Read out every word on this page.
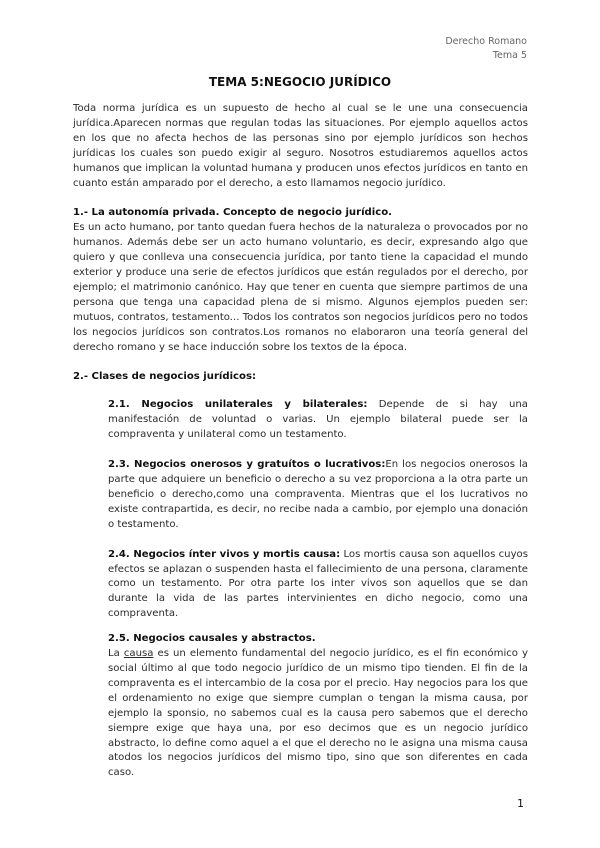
Derecho Romano
Tema 5
TEMA 5:NEGOCIO JURÍDICO

Toda norma jurídica es un supuesto de hecho al cual se le une una consecuencia jurídica.Aparecen normas que regulan todas las situaciones. Por ejemplo aquellos actos en los que no afecta hechos de las personas sino por ejemplo jurídicos son hechos jurídicas los cuales son puedo exigir al seguro. Nosotros estudiaremos aquellos actos humanos que implican la voluntad humana y producen unos efectos jurídicos en tanto en cuanto están amparado por el derecho, a esto llamamos negocio jurídico.

1.- La autonomía privada. Concepto de negocio jurídico.

Es un acto humano, por tanto quedan fuera hechos de la naturaleza o provocados por no humanos. Además debe ser un acto humano voluntario, es decir, expresando algo que quiero y que conlleva una consecuencia jurídica, por tanto tiene la capacidad el mundo exterior y produce una serie de efectos jurídicos que están regulados por el derecho, por ejemplo; el matrimonio canónico. Hay que tener en cuenta que siempre partimos de una persona que tenga una capacidad plena de si mismo. Algunos ejemplos pueden ser: mutuos, contratos, testamento... Todos los contratos son negocios jurídicos pero no todos los negocios jurídicos son contratos.Los romanos no elaboraron una teoría general del derecho romano y se hace inducción sobre los textos de la época.

2.- Clases de negocios jurídicos:

2.1. Negocios unilaterales y bilaterales: Depende de si hay una manifestación de voluntad o varias. Un ejemplo bilateral puede ser la compraventa y unilateral como un testamento.

2.3. Negocios onerosos y gratuítos o lucrativos:En los negocios onerosos la parte que adquiere un beneficio o derecho a su vez proporciona a la otra parte un beneficio o derecho,como una compraventa. Mientras que el los lucrativos no existe contrapartida, es decir, no recibe nada a cambio, por ejemplo una donación o testamento.

2.4. Negocios ínter vivos y mortis causa: Los mortis causa son aquellos cuyos efectos se aplazan o suspenden hasta el fallecimiento de una persona, claramente como un testamento. Por otra parte los inter vivos son aquellos que se dan durante la vida de las partes intervinientes en dicho negocio, como una compraventa.

2.5. Negocios causales y abstractos.

La causa es un elemento fundamental del negocio jurídico, es el fin económico y social último al que todo negocio jurídico de un mismo tipo tienden. El fin de la compraventa es el intercambio de la cosa por el precio. Hay negocios para los que el ordenamiento no exige que siempre cumplan o tengan la misma causa, por ejemplo la sponsio, no sabemos cual es la causa pero sabemos que el derecho siempre exige que haya una, por eso decimos que es un negocio jurídico abstracto, lo define como aquel a el que el derecho no le asigna una misma causa atodos los negocios jurídicos del mismo tipo, sino que son diferentes en cada caso.

1
